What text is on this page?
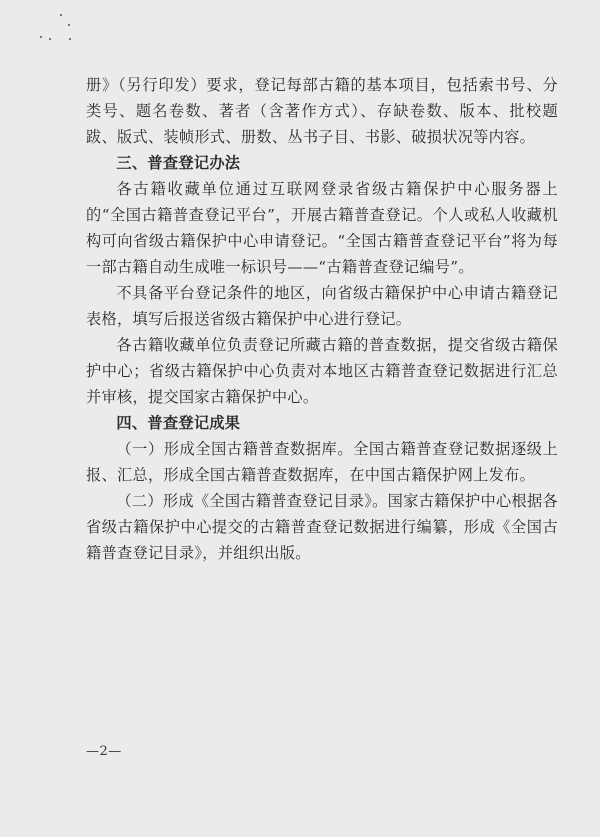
册》（另行印发）要求，登记每部古籍的基本项目，包括索书号、分类号、题名卷数、著者（含著作方式）、存缺卷数、版本、批校题跋、版式、装帧形式、册数、丛书子目、书影、破损状况等内容。

三、普查登记办法

各古籍收藏单位通过互联网登录省级古籍保护中心服务器上的“全国古籍普查登记平台”，开展古籍普查登记。个人或私人收藏机构可向省级古籍保护中心申请登记。“全国古籍普查登记平台”将为每一部古籍自动生成唯一标识号——“古籍普查登记编号”。

不具备平台登记条件的地区，向省级古籍保护中心申请古籍登记表格，填写后报送省级古籍保护中心进行登记。

各古籍收藏单位负责登记所藏古籍的普查数据，提交省级古籍保护中心；省级古籍保护中心负责对本地区古籍普查登记数据进行汇总并审核，提交国家古籍保护中心。

四、普查登记成果

（一）形成全国古籍普查数据库。全国古籍普查登记数据逐级上报、汇总，形成全国古籍普查数据库，在中国古籍保护网上发布。

（二）形成《全国古籍普查登记目录》。国家古籍保护中心根据各省级古籍保护中心提交的古籍普查登记数据进行编纂，形成《全国古籍普查登记目录》，并组织出版。

—2—
